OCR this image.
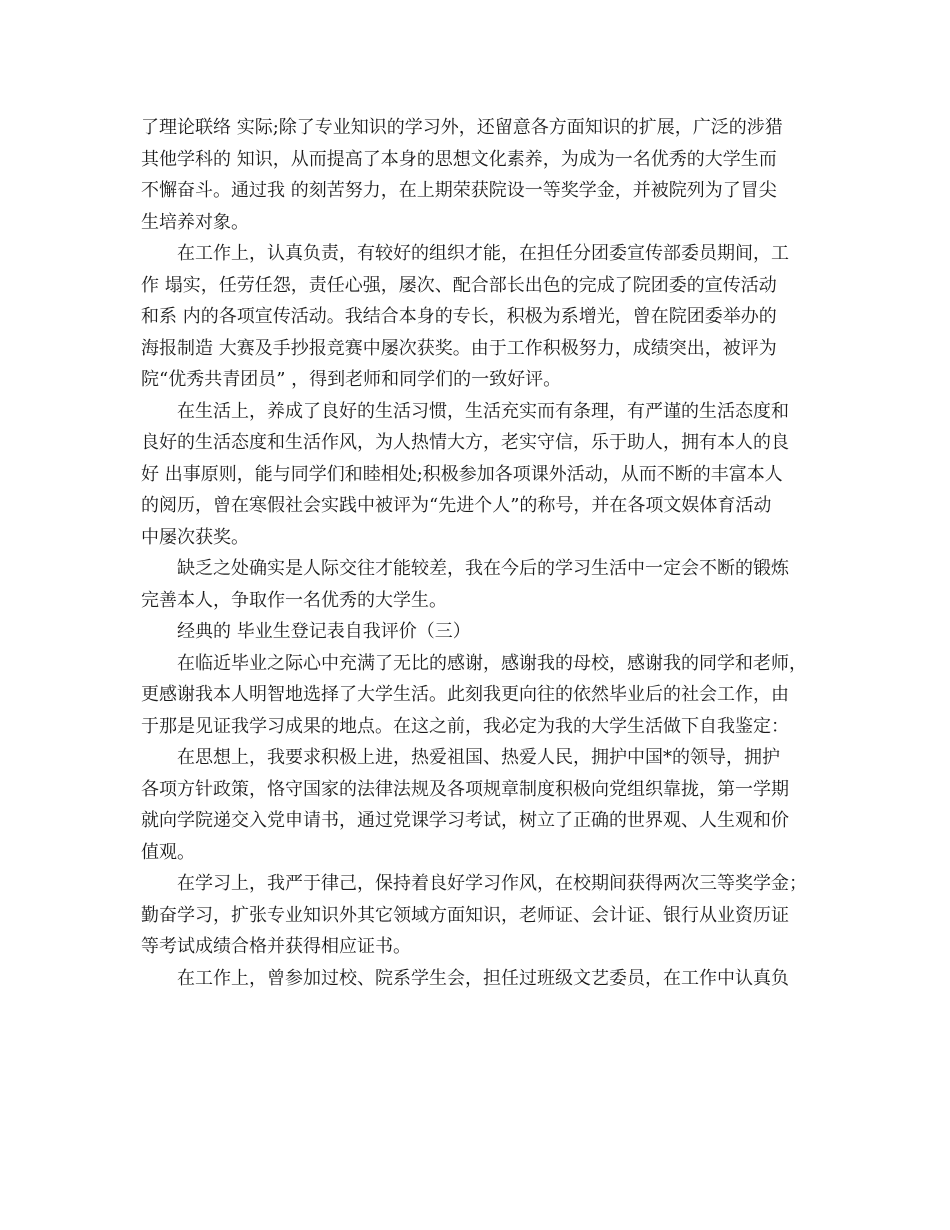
了理论联络 实际;除了专业知识的学习外，还留意各方面知识的扩展，广泛的涉猎
其他学科的 知识，从而提高了本身的思想文化素养，为成为一名优秀的大学生而
不懈奋斗。通过我 的刻苦努力，在上期荣获院设一等奖学金，并被院列为了冒尖
生培养对象。
在工作上，认真负责，有较好的组织才能，在担任分团委宣传部委员期间，工
作 塌实，任劳任怨，责任心强，屡次、配合部长出色的完成了院团委的宣传活动
和系 内的各项宣传活动。我结合本身的专长，积极为系增光，曾在院团委举办的
海报制造 大赛及手抄报竞赛中屡次获奖。由于工作积极努力，成绩突出，被评为
院“优秀共青团员” ，得到老师和同学们的一致好评。
在生活上，养成了良好的生活习惯，生活充实而有条理，有严谨的生活态度和
良好的生活态度和生活作风，为人热情大方，老实守信，乐于助人，拥有本人的良
好 出事原则，能与同学们和睦相处;积极参加各项课外活动，从而不断的丰富本人
的阅历，曾在寒假社会实践中被评为“先进个人”的称号，并在各项文娱体育活动
中屡次获奖。
缺乏之处确实是人际交往才能较差，我在今后的学习生活中一定会不断的锻炼
完善本人，争取作一名优秀的大学生。
经典的 毕业生登记表自我评价（三）
在临近毕业之际心中充满了无比的感谢，感谢我的母校，感谢我的同学和老师，
更感谢我本人明智地选择了大学生活。此刻我更向往的依然毕业后的社会工作，由
于那是见证我学习成果的地点。在这之前，我必定为我的大学生活做下自我鉴定：
在思想上，我要求积极上进，热爱祖国、热爱人民，拥护中国*的领导，拥护
各项方针政策，恪守国家的法律法规及各项规章制度积极向党组织靠拢，第一学期
就向学院递交入党申请书，通过党课学习考试，树立了正确的世界观、人生观和价
值观。
在学习上，我严于律己，保持着良好学习作风，在校期间获得两次三等奖学金；
勤奋学习，扩张专业知识外其它领域方面知识，老师证、会计证、银行从业资历证
等考试成绩合格并获得相应证书。
在工作上，曾参加过校、院系学生会，担任过班级文艺委员，在工作中认真负
